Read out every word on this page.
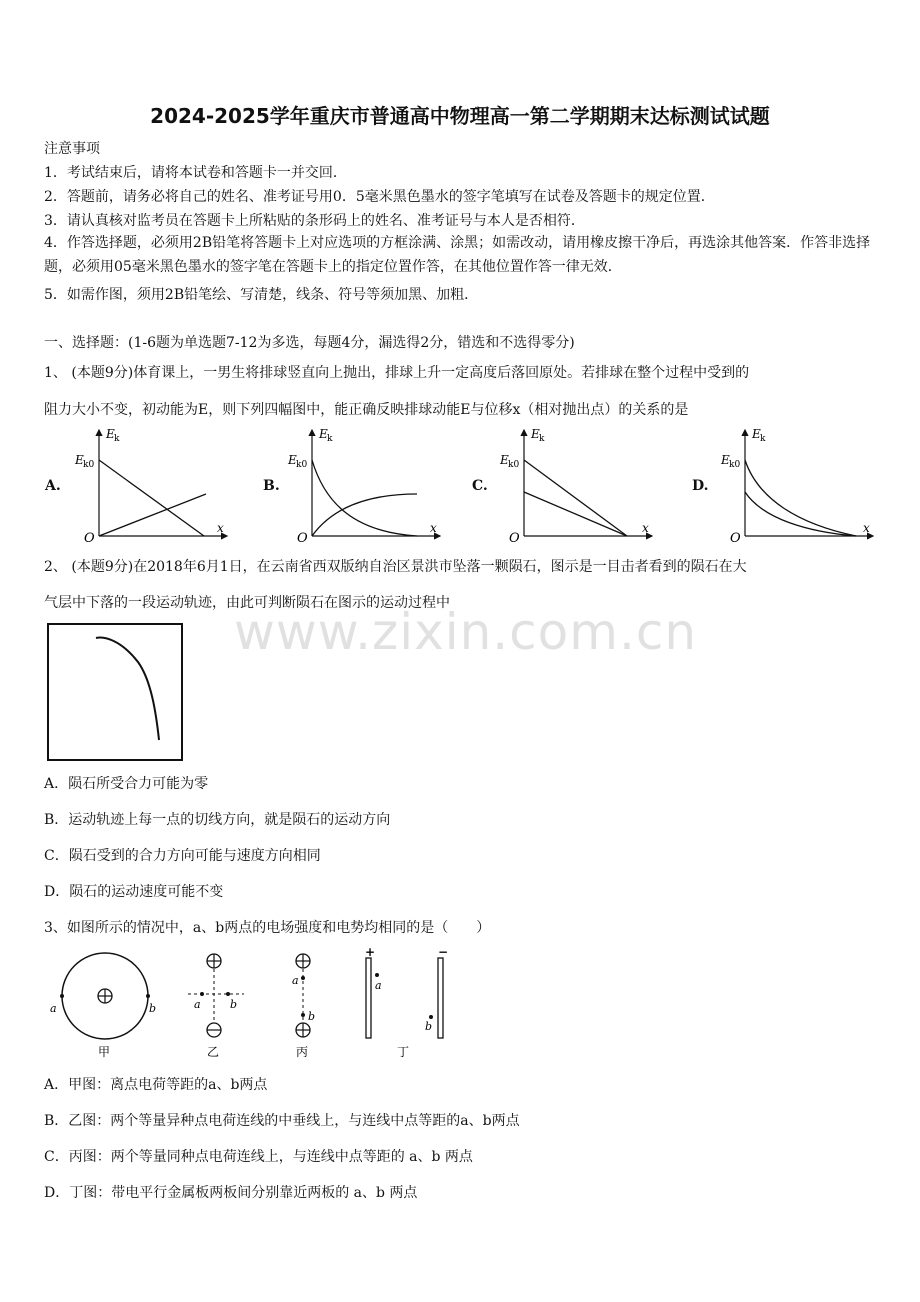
2024-2025学年重庆市普通高中物理高一第二学期期末达标测试试题
注意事项
1．考试结束后，请将本试卷和答题卡一并交回．
2．答题前，请务必将自己的姓名、准考证号用0．5毫米黑色墨水的签字笔填写在试卷及答题卡的规定位置．
3．请认真核对监考员在答题卡上所粘贴的条形码上的姓名、准考证号与本人是否相符．
4．作答选择题，必须用2B铅笔将答题卡上对应选项的方框涂满、涂黑；如需改动，请用橡皮擦干净后，再选涂其他答案．作答非选择题，必须用05毫米黑色墨水的签字笔在答题卡上的指定位置作答，在其他位置作答一律无效．
5．如需作图，须用2B铅笔绘、写清楚，线条、符号等须加黑、加粗．
一、选择题：(1-6题为单选题7-12为多选，每题4分，漏选得2分，错选和不选得零分)
1、 (本题9分)体育课上，一男生将排球竖直向上抛出，排球上升一定高度后落回原处。若排球在整个过程中受到的
阻力大小不变，初动能为E，则下列四幅图中，能正确反映排球动能E与位移x（相对抛出点）的关系的是
A.	B.	C.	D.
E k
E k0
x
O
E k
E k0
x
O
E k
E k0
x
O
E k
E k0
x
O
2、 (本题9分)在2018年6月1日，在云南省西双版纳自治区景洪市坠落一颗陨石，图示是一目击者看到的陨石在大
气层中下落的一段运动轨迹，由此可判断陨石在图示的运动过程中
www.zixin.com.cn
A．陨石所受合力可能为零
B．运动轨迹上每一点的切线方向，就是陨石的运动方向
C．陨石受到的合力方向可能与速度方向相同
D．陨石的运动速度可能不变
3、如图所示的情况中，a、b两点的电场强度和电势均相同的是（　　）
a	b
甲
a	b
乙
a
b
丙
+	−
a
b
丁
A．甲图：离点电荷等距的a、b两点
B．乙图：两个等量异种点电荷连线的中垂线上，与连线中点等距的a、b两点
C．丙图：两个等量同种点电荷连线上，与连线中点等距的 a、b 两点
D．丁图：带电平行金属板两板间分别靠近两板的 a、b 两点
